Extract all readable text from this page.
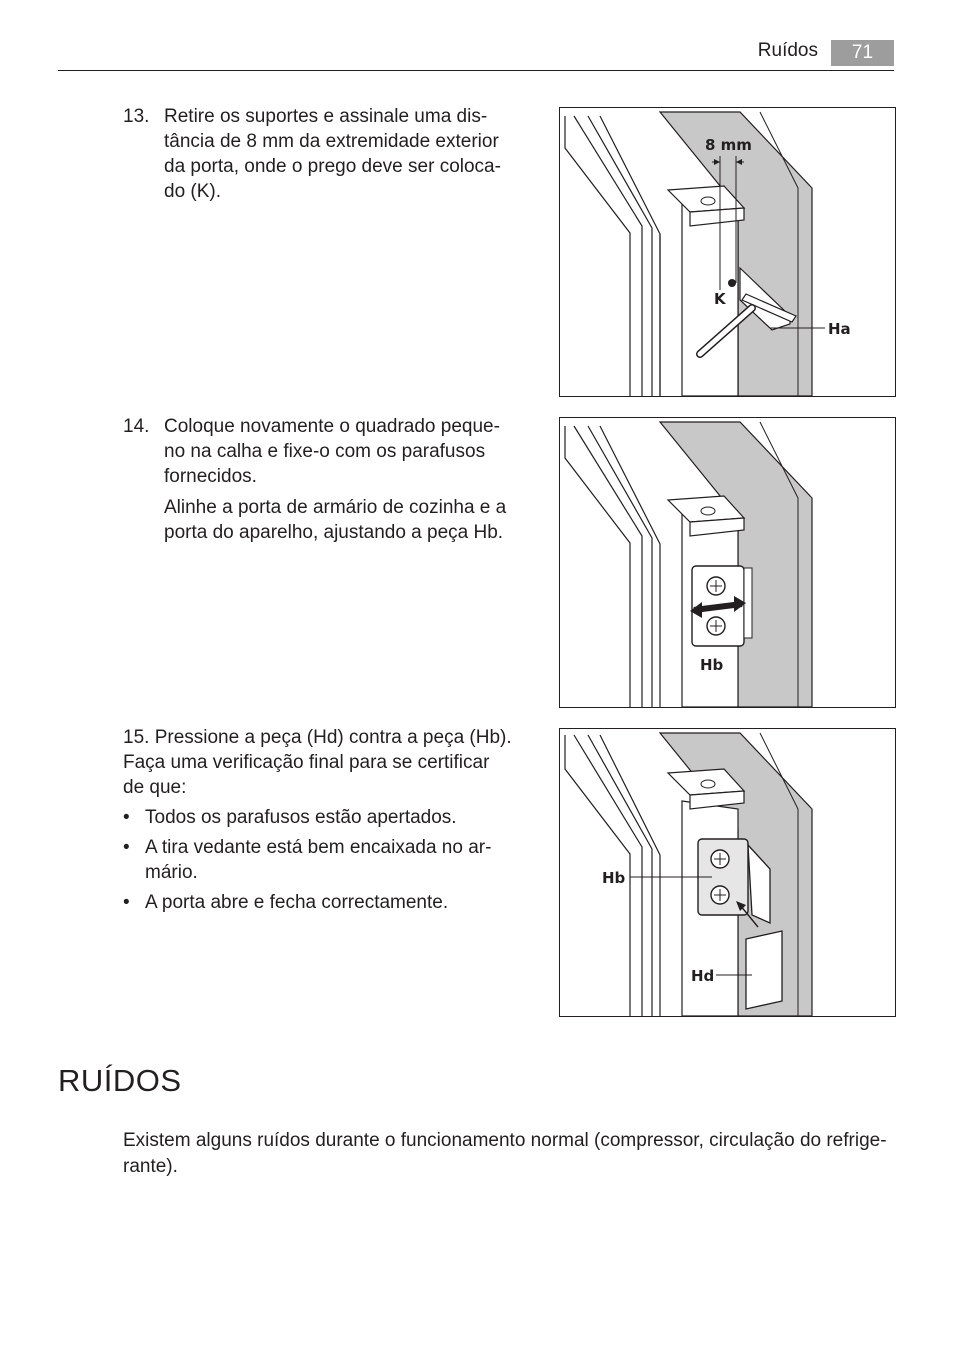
Ruídos	71
13. Retire os suportes e assinale uma dis-
tância de 8 mm da extremidade exterior
da porta, onde o prego deve ser coloca-
do (K).
14. Coloque novamente o quadrado peque-
no na calha e fixe-o com os parafusos
fornecidos.
Alinhe a porta de armário de cozinha e a
porta do aparelho, ajustando a peça Hb.
15. Pressione a peça (Hd) contra a peça (Hb).
Faça uma verificação final para se certificar
de que:
• Todos os parafusos estão apertados.
• A tira vedante está bem encaixada no ar-
mário.
• A porta abre e fecha correctamente.
8 mm
K
Ha
Hb
Hb
Hd
RUÍDOS
Existem alguns ruídos durante o funcionamento normal (compressor, circulação do refrige-
rante).
